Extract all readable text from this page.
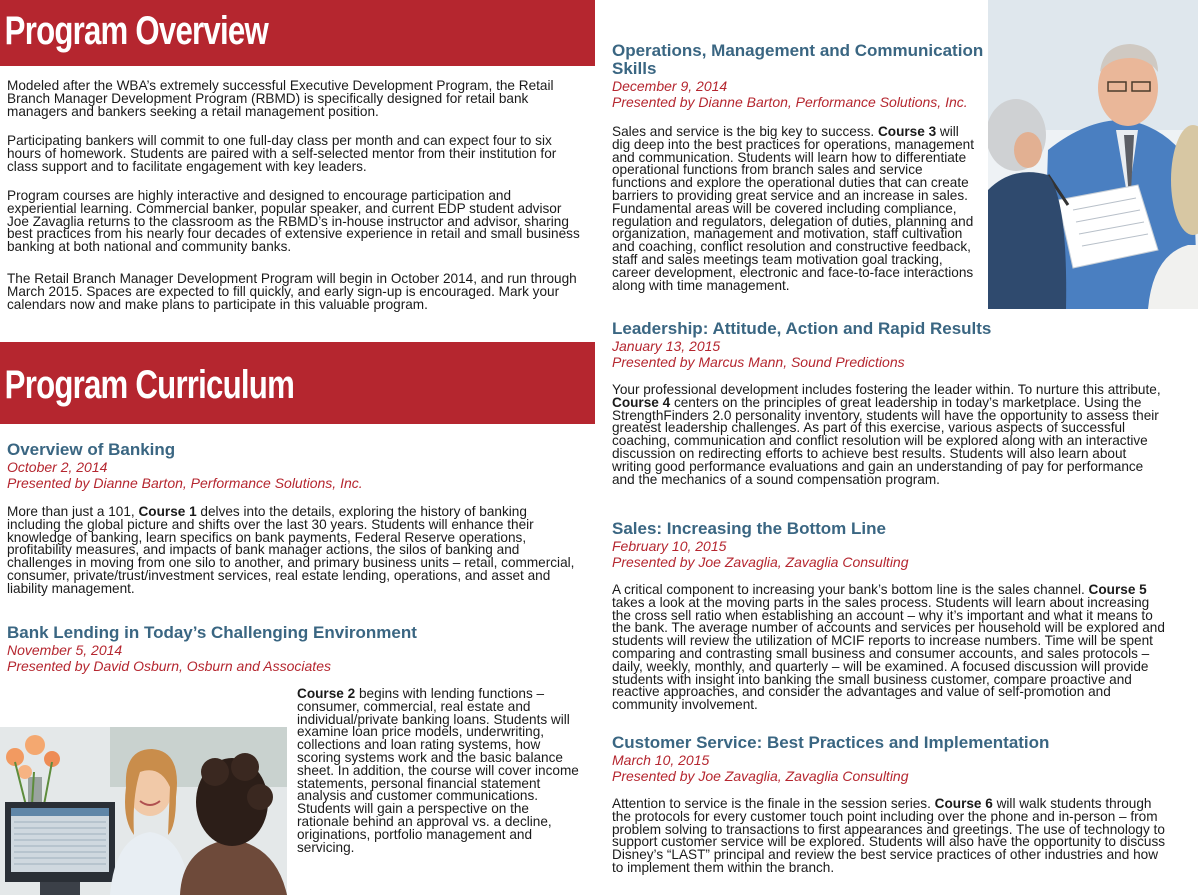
Program Overview

Modeled after the WBA’s extremely successful Executive Development Program, the Retail Branch Manager Development Program (RBMD) is specifically designed for retail bank managers and bankers seeking a retail management position.

Participating bankers will commit to one full-day class per month and can expect four to six hours of homework. Students are paired with a self-selected mentor from their institution for class support and to facilitate engagement with key leaders.

Program courses are highly interactive and designed to encourage participation and experiential learning. Commercial banker, popular speaker, and current EDP student advisor Joe Zavaglia returns to the classroom as the RBMD’s in-house instructor and advisor, sharing best practices from his nearly four decades of extensive experience in retail and small business banking at both national and community banks.

The Retail Branch Manager Development Program will begin in October 2014, and run through March 2015. Spaces are expected to fill quickly, and early sign-up is encouraged. Mark your calendars now and make plans to participate in this valuable program.

Program Curriculum

Overview of Banking

October 2, 2014

Presented by Dianne Barton, Performance Solutions, Inc.

More than just a 101, Course 1 delves into the details, exploring the history of banking including the global picture and shifts over the last 30 years. Students will enhance their knowledge of banking, learn specifics on bank payments, Federal Reserve operations, profitability measures, and impacts of bank manager actions, the silos of banking and challenges in moving from one silo to another, and primary business units – retail, commercial, consumer, private/trust/investment services, real estate lending, operations, and asset and liability management.

Bank Lending in Today’s Challenging Environment

November 5, 2014

Presented by David Osburn, Osburn and Associates

Course 2 begins with lending functions – consumer, commercial, real estate and individual/private banking loans. Students will examine loan price models, underwriting, collections and loan rating systems, how scoring systems work and the basic balance sheet. In addition, the course will cover income statements, personal financial statement analysis and customer communications. Students will gain a perspective on the rationale behind an approval vs. a decline, originations, portfolio management and servicing.

Operations, Management and Communication Skills

December 9, 2014

Presented by Dianne Barton, Performance Solutions, Inc.

Sales and service is the big key to success. Course 3 will dig deep into the best practices for operations, management and communication. Students will learn how to differentiate operational functions from branch sales and service functions and explore the operational duties that can create barriers to providing great service and an increase in sales. Fundamental areas will be covered including compliance, regulation and regulators, delegation of duties, planning and organization, management and motivation, staff cultivation and coaching, conflict resolution and constructive feedback, staff and sales meetings team motivation goal tracking, career development, electronic and face-to-face interactions along with time management.

Leadership: Attitude, Action and Rapid Results

January 13, 2015

Presented by Marcus Mann, Sound Predictions

Your professional development includes fostering the leader within. To nurture this attribute, Course 4 centers on the principles of great leadership in today’s marketplace. Using the StrengthFinders 2.0 personality inventory, students will have the opportunity to assess their greatest leadership challenges. As part of this exercise, various aspects of successful coaching, communication and conflict resolution will be explored along with an interactive discussion on redirecting efforts to achieve best results. Students will also learn about writing good performance evaluations and gain an understanding of pay for performance and the mechanics of a sound compensation program.

Sales: Increasing the Bottom Line

February 10, 2015

Presented by Joe Zavaglia, Zavaglia Consulting

A critical component to increasing your bank’s bottom line is the sales channel. Course 5 takes a look at the moving parts in the sales process. Students will learn about increasing the cross sell ratio when establishing an account – why it’s important and what it means to the bank. The average number of accounts and services per household will be explored and students will review the utilization of MCIF reports to increase numbers. Time will be spent comparing and contrasting small business and consumer accounts, and sales protocols – daily, weekly, monthly, and quarterly – will be examined. A focused discussion will provide students with insight into banking the small business customer, compare proactive and reactive approaches, and consider the advantages and value of self-promotion and community involvement.

Customer Service: Best Practices and Implementation

March 10, 2015

Presented by Joe Zavaglia, Zavaglia Consulting

Attention to service is the finale in the session series. Course 6 will walk students through the protocols for every customer touch point including over the phone and in-person – from problem solving to transactions to first appearances and greetings. The use of technology to support customer service will be explored. Students will also have the opportunity to discuss Disney’s “LAST” principal and review the best service practices of other industries and how to implement them within the branch.
